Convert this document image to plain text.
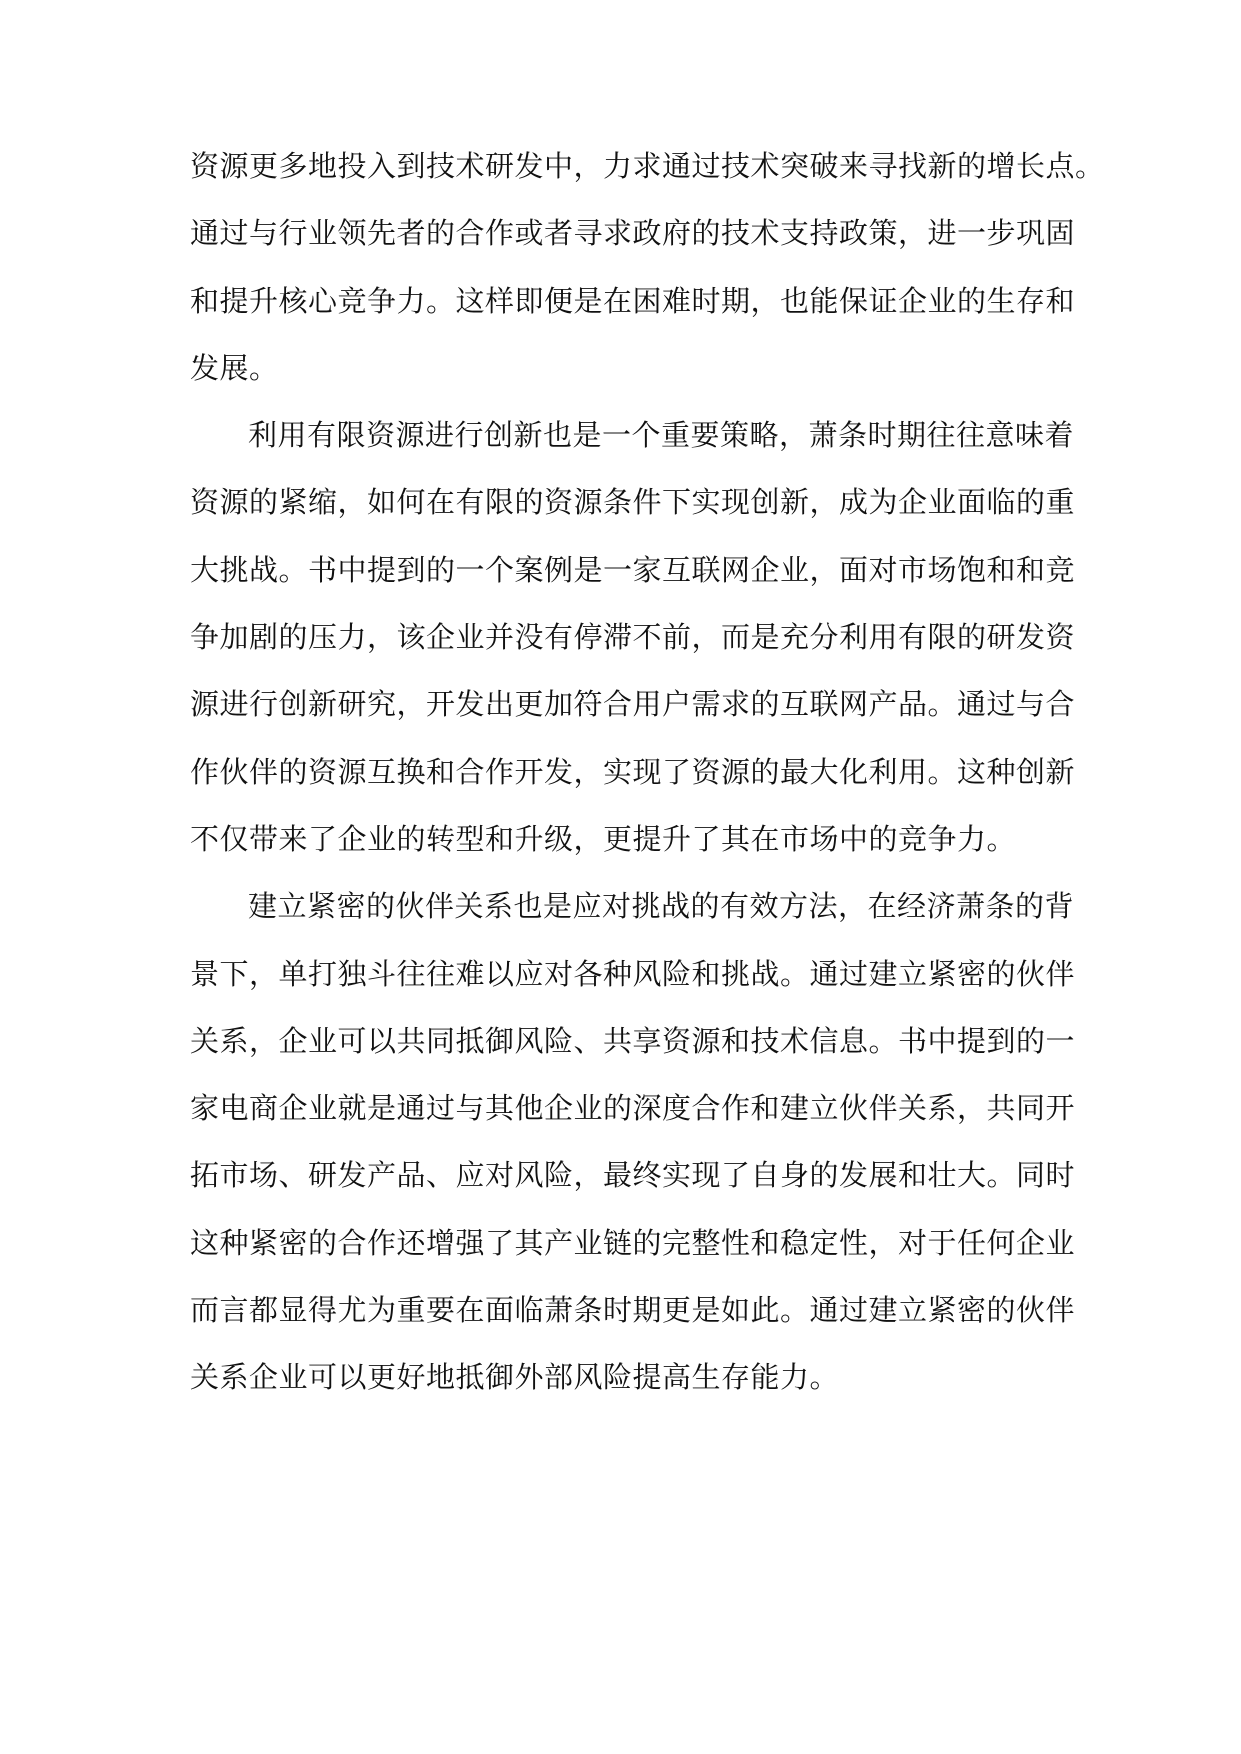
资源更多地投入到技术研发中，力求通过技术突破来寻找新的增长点。
通过与行业领先者的合作或者寻求政府的技术支持政策，进一步巩固
和提升核心竞争力。这样即便是在困难时期，也能保证企业的生存和
发展。
利用有限资源进行创新也是一个重要策略，萧条时期往往意味着
资源的紧缩，如何在有限的资源条件下实现创新，成为企业面临的重
大挑战。书中提到的一个案例是一家互联网企业，面对市场饱和和竞
争加剧的压力，该企业并没有停滞不前，而是充分利用有限的研发资
源进行创新研究，开发出更加符合用户需求的互联网产品。通过与合
作伙伴的资源互换和合作开发，实现了资源的最大化利用。这种创新
不仅带来了企业的转型和升级，更提升了其在市场中的竞争力。
建立紧密的伙伴关系也是应对挑战的有效方法，在经济萧条的背
景下，单打独斗往往难以应对各种风险和挑战。通过建立紧密的伙伴
关系，企业可以共同抵御风险、共享资源和技术信息。书中提到的一
家电商企业就是通过与其他企业的深度合作和建立伙伴关系，共同开
拓市场、研发产品、应对风险，最终实现了自身的发展和壮大。同时
这种紧密的合作还增强了其产业链的完整性和稳定性，对于任何企业
而言都显得尤为重要在面临萧条时期更是如此。通过建立紧密的伙伴
关系企业可以更好地抵御外部风险提高生存能力。
